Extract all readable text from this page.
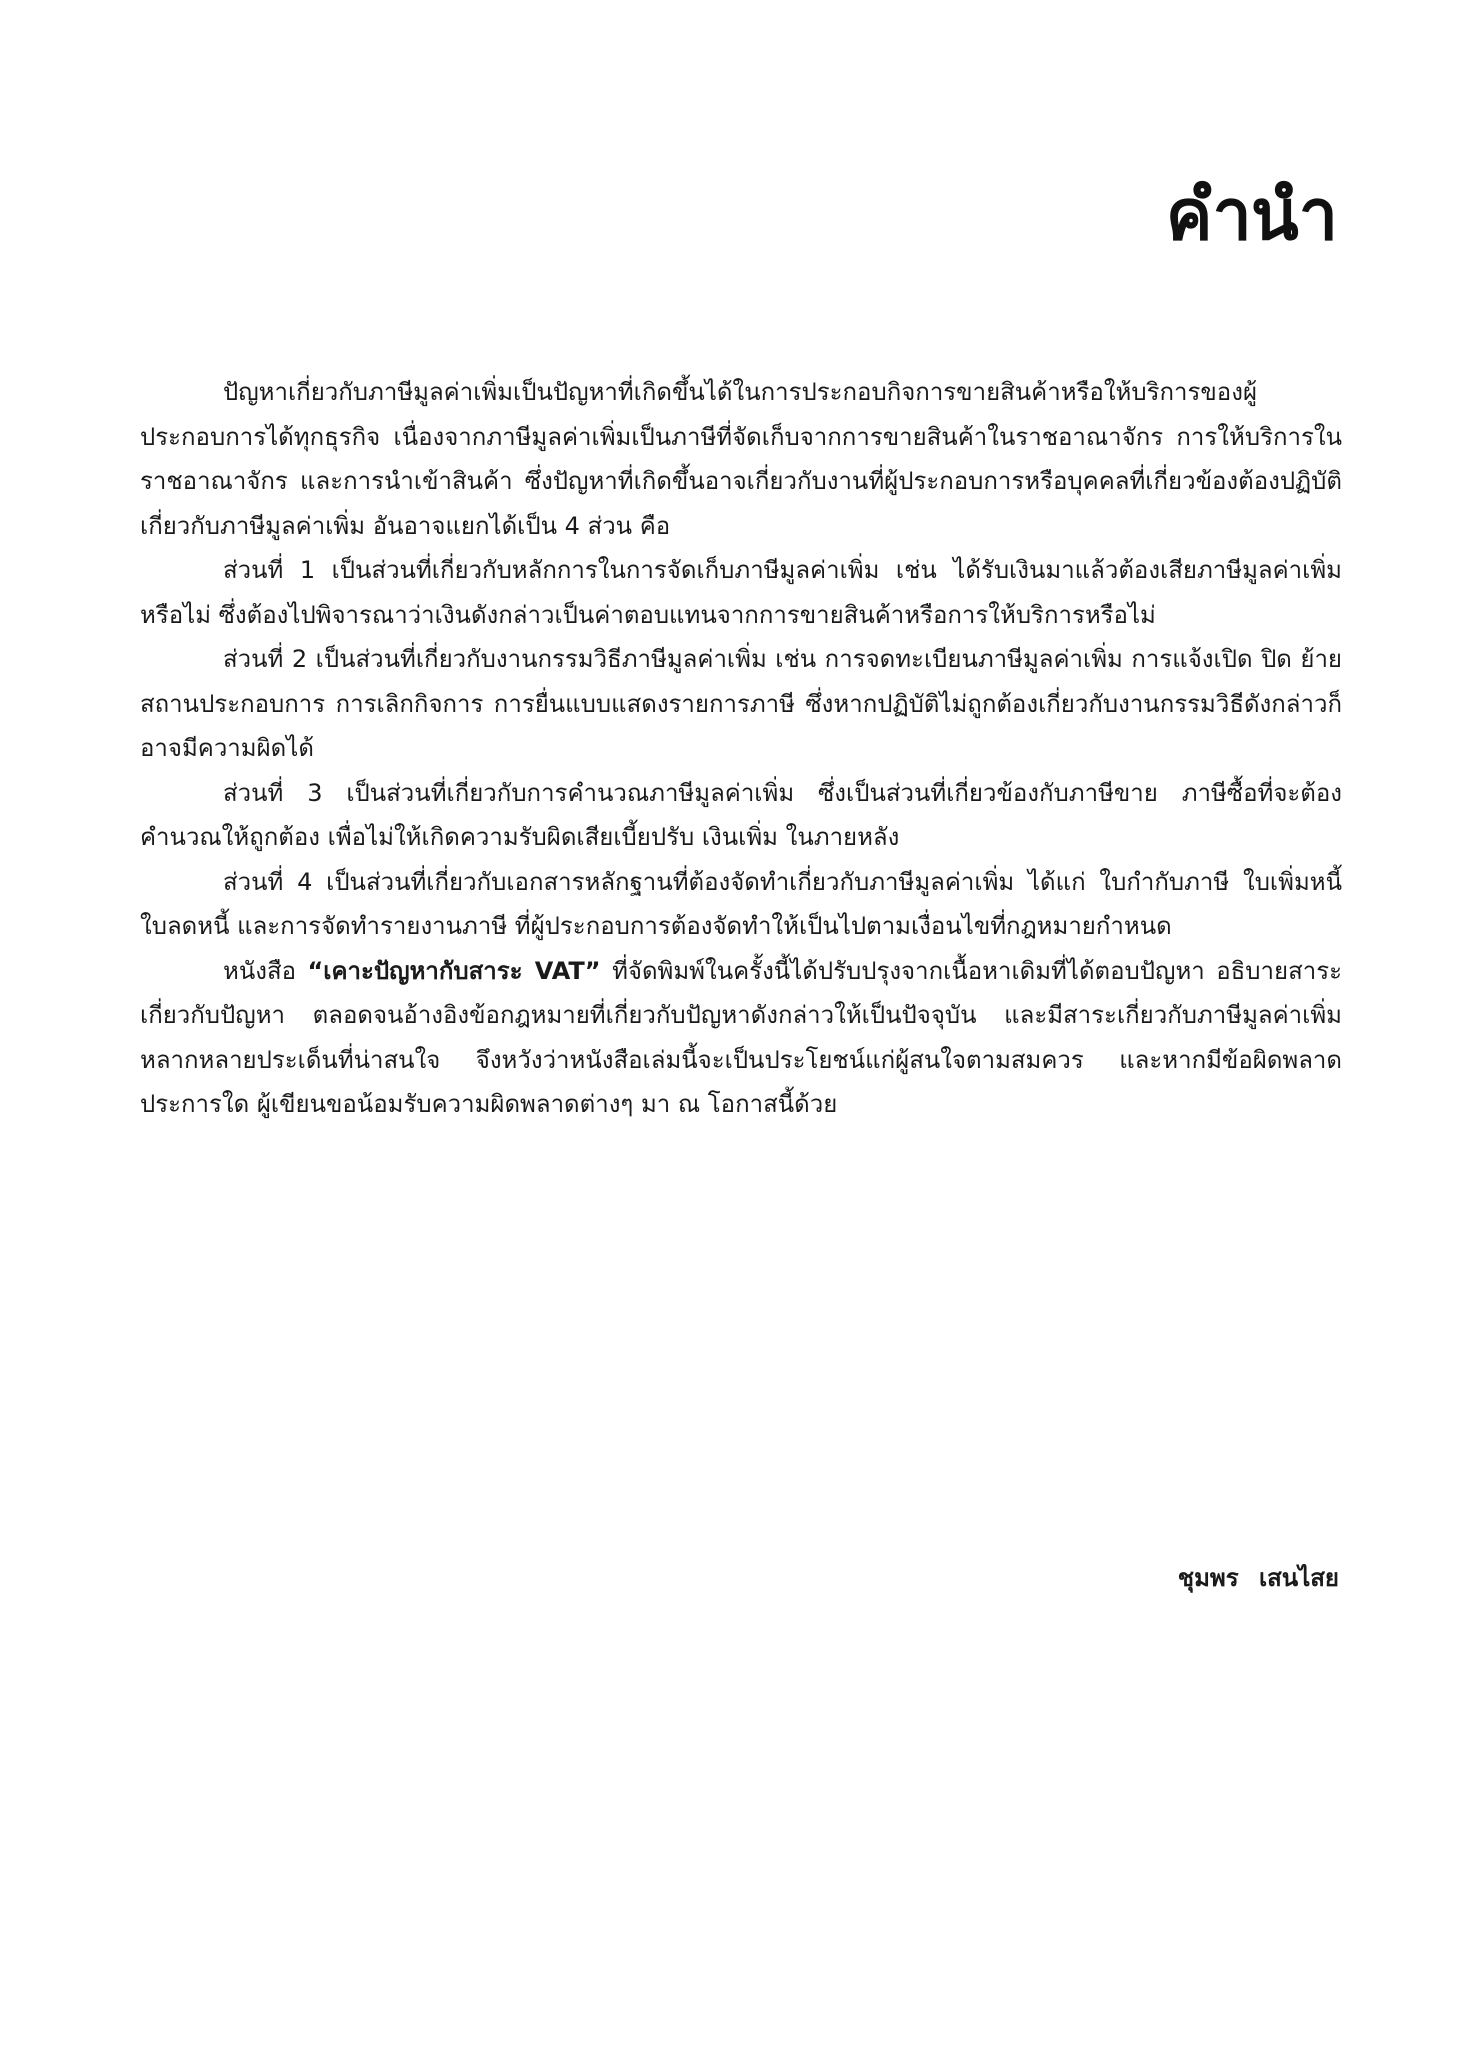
คำนำ

ปัญหาเกี่ยวกับภาษีมูลค่าเพิ่มเป็นปัญหาที่เกิดขึ้นได้ในการประกอบกิจการขายสินค้าหรือให้บริการของผู้ประกอบการได้ทุกธุรกิจ เนื่องจากภาษีมูลค่าเพิ่มเป็นภาษีที่จัดเก็บจากการขายสินค้าในราชอาณาจักร การให้บริการในราชอาณาจักร และการนำเข้าสินค้า ซึ่งปัญหาที่เกิดขึ้นอาจเกี่ยวกับงานที่ผู้ประกอบการหรือบุคคลที่เกี่ยวข้องต้องปฏิบัติเกี่ยวกับภาษีมูลค่าเพิ่ม อันอาจแยกได้เป็น 4 ส่วน คือ

ส่วนที่ 1 เป็นส่วนที่เกี่ยวกับหลักการในการจัดเก็บภาษีมูลค่าเพิ่ม เช่น ได้รับเงินมาแล้วต้องเสียภาษีมูลค่าเพิ่มหรือไม่ ซึ่งต้องไปพิจารณาว่าเงินดังกล่าวเป็นค่าตอบแทนจากการขายสินค้าหรือการให้บริการหรือไม่

ส่วนที่ 2 เป็นส่วนที่เกี่ยวกับงานกรรมวิธีภาษีมูลค่าเพิ่ม เช่น การจดทะเบียนภาษีมูลค่าเพิ่ม การแจ้งเปิด ปิด ย้ายสถานประกอบการ การเลิกกิจการ การยื่นแบบแสดงรายการภาษี ซึ่งหากปฏิบัติไม่ถูกต้องเกี่ยวกับงานกรรมวิธีดังกล่าวก็อาจมีความผิดได้

ส่วนที่ 3 เป็นส่วนที่เกี่ยวกับการคำนวณภาษีมูลค่าเพิ่ม ซึ่งเป็นส่วนที่เกี่ยวข้องกับภาษีขาย ภาษีซื้อที่จะต้องคำนวณให้ถูกต้อง เพื่อไม่ให้เกิดความรับผิดเสียเบี้ยปรับ เงินเพิ่ม ในภายหลัง

ส่วนที่ 4 เป็นส่วนที่เกี่ยวกับเอกสารหลักฐานที่ต้องจัดทำเกี่ยวกับภาษีมูลค่าเพิ่ม ได้แก่ ใบกำกับภาษี ใบเพิ่มหนี้ ใบลดหนี้ และการจัดทำรายงานภาษี ที่ผู้ประกอบการต้องจัดทำให้เป็นไปตามเงื่อนไขที่กฎหมายกำหนด

หนังสือ “เคาะปัญหากับสาระ VAT” ที่จัดพิมพ์ในครั้งนี้ได้ปรับปรุงจากเนื้อหาเดิมที่ได้ตอบปัญหา อธิบายสาระเกี่ยวกับปัญหา ตลอดจนอ้างอิงข้อกฎหมายที่เกี่ยวกับปัญหาดังกล่าวให้เป็นปัจจุบัน และมีสาระเกี่ยวกับภาษีมูลค่าเพิ่มหลากหลายประเด็นที่น่าสนใจ จึงหวังว่าหนังสือเล่มนี้จะเป็นประโยชน์แก่ผู้สนใจตามสมควร และหากมีข้อผิดพลาดประการใด ผู้เขียนขอน้อมรับความผิดพลาดต่างๆ มา ณ โอกาสนี้ด้วย

ชุมพร เสนไสย
